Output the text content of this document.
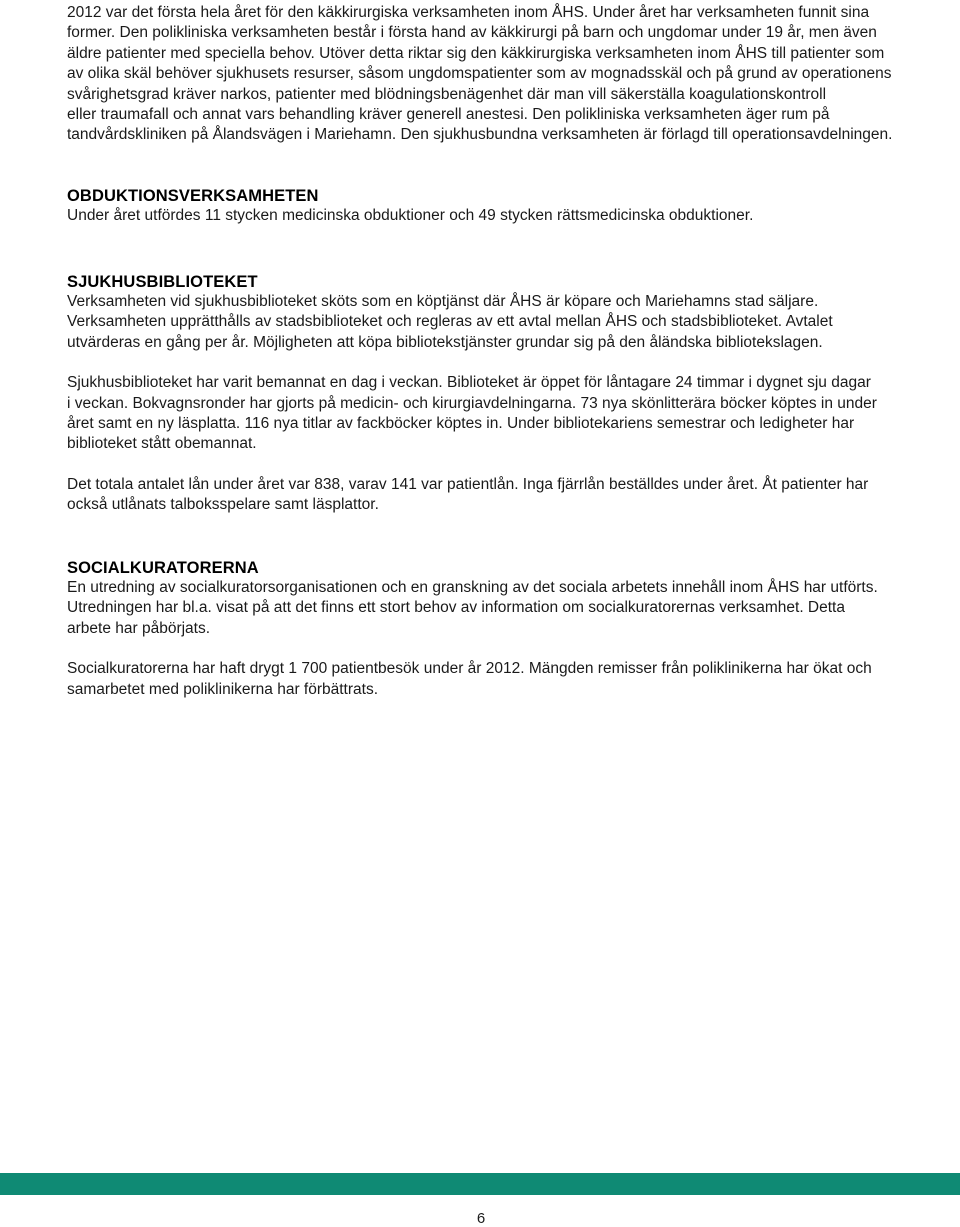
2012 var det första hela året för den käkkirurgiska verksamheten inom ÅHS. Under året har verksamheten funnit sina
former. Den polikliniska verksamheten består i första hand av käkkirurgi på barn och ungdomar under 19 år, men även
äldre patienter med speciella behov. Utöver detta riktar sig den käkkirurgiska verksamheten inom ÅHS till patienter som
av olika skäl behöver sjukhusets resurser, såsom ungdomspatienter som av mognadsskäl och på grund av operationens
svårighetsgrad kräver narkos, patienter med blödningsbenägenhet där man vill säkerställa koagulationskontroll
eller traumafall och annat vars behandling kräver generell anestesi. Den polikliniska verksamheten äger rum på
tandvårdskliniken på Ålandsvägen i Mariehamn. Den sjukhusbundna verksamheten är förlagd till operationsavdelningen.
OBDUKTIONSVERKSAMHETEN

Under året utfördes 11 stycken medicinska obduktioner och 49 stycken rättsmedicinska obduktioner.

SJUKHUSBIBLIOTEKET

Verksamheten vid sjukhusbiblioteket sköts som en köptjänst där ÅHS är köpare och Mariehamns stad säljare.
Verksamheten upprätthålls av stadsbiblioteket och regleras av ett avtal mellan ÅHS och stadsbiblioteket. Avtalet
utvärderas en gång per år. Möjligheten att köpa bibliotekstjänster grundar sig på den åländska bibliotekslagen.

Sjukhusbiblioteket har varit bemannat en dag i veckan. Biblioteket är öppet för låntagare 24 timmar i dygnet sju dagar
i veckan. Bokvagnsronder har gjorts på medicin- och kirurgiavdelningarna. 73 nya skönlitterära böcker köptes in under
året samt en ny läsplatta. 116 nya titlar av fackböcker köptes in. Under bibliotekariens semestrar och ledigheter har
biblioteket stått obemannat.

Det totala antalet lån under året var 838, varav 141 var patientlån. Inga fjärrlån beställdes under året. Åt patienter har
också utlånats talboksspelare samt läsplattor.

SOCIALKURATORERNA

En utredning av socialkuratorsorganisationen och en granskning av det sociala arbetets innehåll inom ÅHS har utförts.
Utredningen har bl.a. visat på att det finns ett stort behov av information om socialkuratorernas verksamhet. Detta
arbete har påbörjats.

Socialkuratorerna har haft drygt 1 700 patientbesök under år 2012. Mängden remisser från poliklinikerna har ökat och
samarbetet med poliklinikerna har förbättrats.

6
